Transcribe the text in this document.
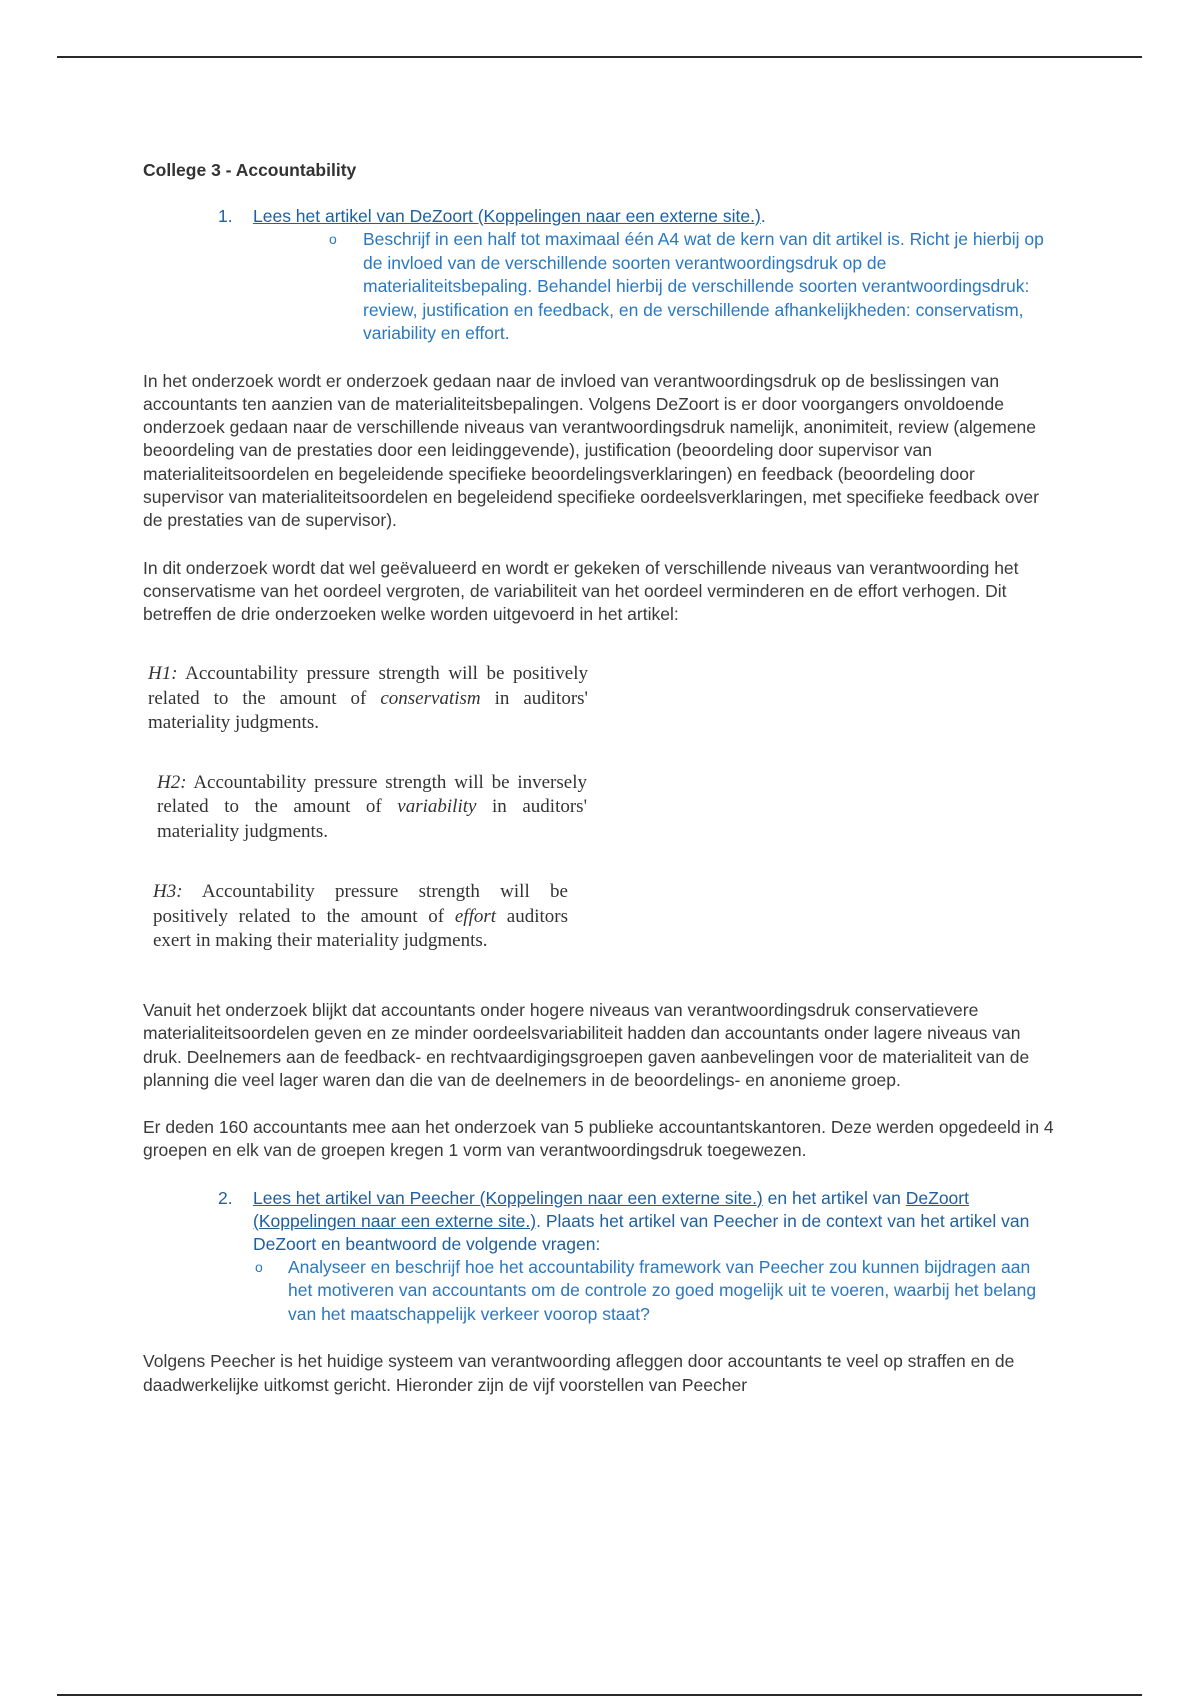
College 3 - Accountability
1. Lees het artikel van DeZoort (Koppelingen naar een externe site.).
o Beschrijf in een half tot maximaal één A4 wat de kern van dit artikel is. Richt je hierbij op de invloed van de verschillende soorten verantwoordingsdruk op de materialiteitsbepaling. Behandel hierbij de verschillende soorten verantwoordingsdruk: review, justification en feedback, en de verschillende afhankelijkheden: conservatism, variability en effort.

In het onderzoek wordt er onderzoek gedaan naar de invloed van verantwoordingsdruk op de beslissingen van accountants ten aanzien van de materialiteitsbepalingen. Volgens DeZoort is er door voorgangers onvoldoende onderzoek gedaan naar de verschillende niveaus van verantwoordingsdruk namelijk, anonimiteit, review (algemene beoordeling van de prestaties door een leidinggevende), justification (beoordeling door supervisor van materialiteitsoordelen en begeleidende specifieke beoordelingsverklaringen) en feedback (beoordeling door supervisor van materialiteitsoordelen en begeleidend specifieke oordeelsverklaringen, met specifieke feedback over de prestaties van de supervisor).

In dit onderzoek wordt dat wel geëvalueerd en wordt er gekeken of verschillende niveaus van verantwoording het conservatisme van het oordeel vergroten, de variabiliteit van het oordeel verminderen en de effort verhogen. Dit betreffen de drie onderzoeken welke worden uitgevoerd in het artikel:

H1: Accountability pressure strength will be positively related to the amount of conservatism in auditors' materiality judgments.
H2: Accountability pressure strength will be inversely related to the amount of variability in auditors' materiality judgments.
H3: Accountability pressure strength will be positively related to the amount of effort auditors exert in making their materiality judgments.

Vanuit het onderzoek blijkt dat accountants onder hogere niveaus van verantwoordingsdruk conservatievere materialiteitsoordelen geven en ze minder oordeelsvariabiliteit hadden dan accountants onder lagere niveaus van druk. Deelnemers aan de feedback- en rechtvaardigingsgroepen gaven aanbevelingen voor de materialiteit van de planning die veel lager waren dan die van de deelnemers in de beoordelings- en anonieme groep.

Er deden 160 accountants mee aan het onderzoek van 5 publieke accountantskantoren. Deze werden opgedeeld in 4 groepen en elk van de groepen kregen 1 vorm van verantwoordingsdruk toegewezen.

2. Lees het artikel van Peecher (Koppelingen naar een externe site.) en het artikel van DeZoort (Koppelingen naar een externe site.). Plaats het artikel van Peecher in de context van het artikel van DeZoort en beantwoord de volgende vragen:
o Analyseer en beschrijf hoe het accountability framework van Peecher zou kunnen bijdragen aan het motiveren van accountants om de controle zo goed mogelijk uit te voeren, waarbij het belang van het maatschappelijk verkeer voorop staat?

Volgens Peecher is het huidige systeem van verantwoording afleggen door accountants te veel op straffen en de daadwerkelijke uitkomst gericht. Hieronder zijn de vijf voorstellen van Peecher
